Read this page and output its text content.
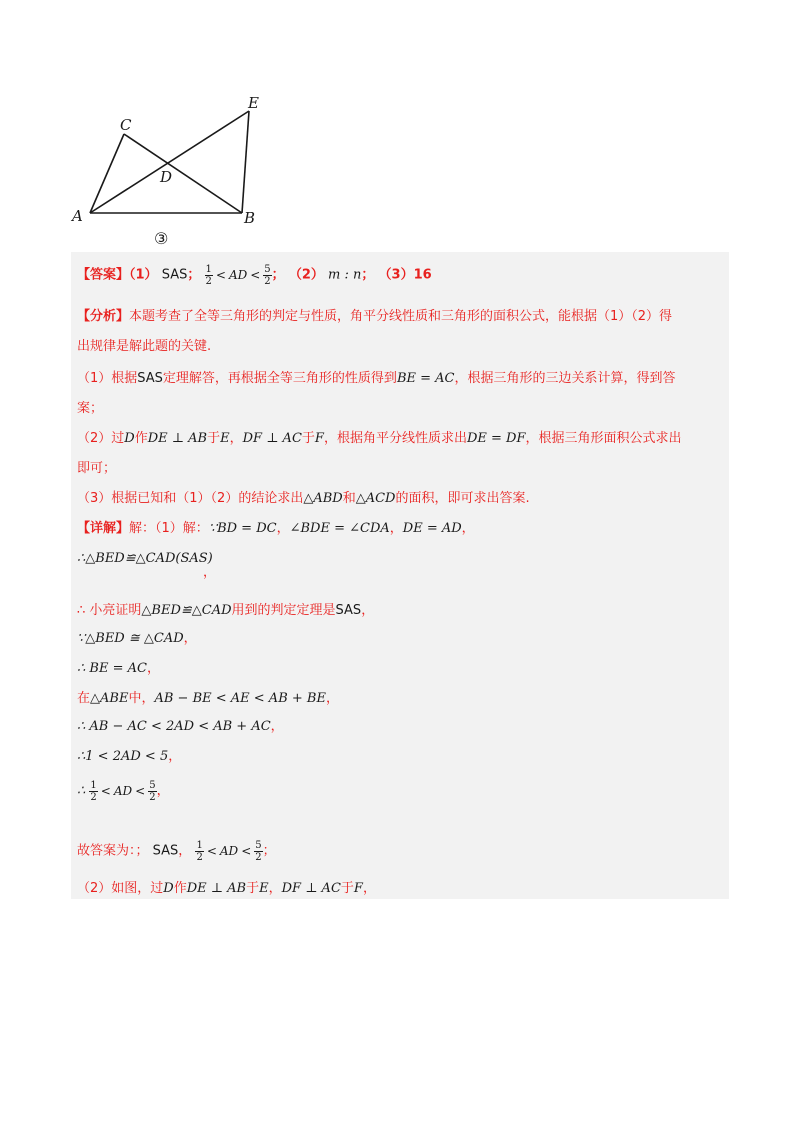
C
E
D
A	B
③
【答案】（1） SAS； $\frac{1}{2}$ < AD < $\frac{5}{2}$ ； （2） m : n； （3）16
【分析】本题考查了全等三角形的判定与性质，角平分线性质和三角形的面积公式，能根据（1）（2）得
出规律是解此题的关键.
（1）根据SAS定理解答，再根据全等三角形的性质得到BE = AC，根据三角形的三边关系计算，得到答
案；
（2）过D作DE ⊥ AB于E，DF ⊥ AC于F，根据角平分线性质求出DE = DF，根据三角形面积公式求出
即可；
（3）根据已知和（1）（2）的结论求出△ABD和△ACD的面积，即可求出答案.
【详解】解：（1）解：∵BD = DC，∠BDE = ∠CDA，DE = AD，
∴△BED≌△CAD(SAS)
，
∴ 小亮证明△BED≌△CAD用到的判定定理是SAS，
∵△BED ≅ △CAD，
∴ BE = AC，
在△ABE中，AB − BE < AE < AB + BE，
∴ AB − AC < 2AD < AB + AC，
∴1 < 2AD < 5，
∴ $\frac{1}{2}$ < AD < $\frac{5}{2}$ ，
故答案为：； SAS， $\frac{1}{2}$ < AD < $\frac{5}{2}$ ；
（2）如图，过D作DE ⊥ AB于E，DF ⊥ AC于F，
